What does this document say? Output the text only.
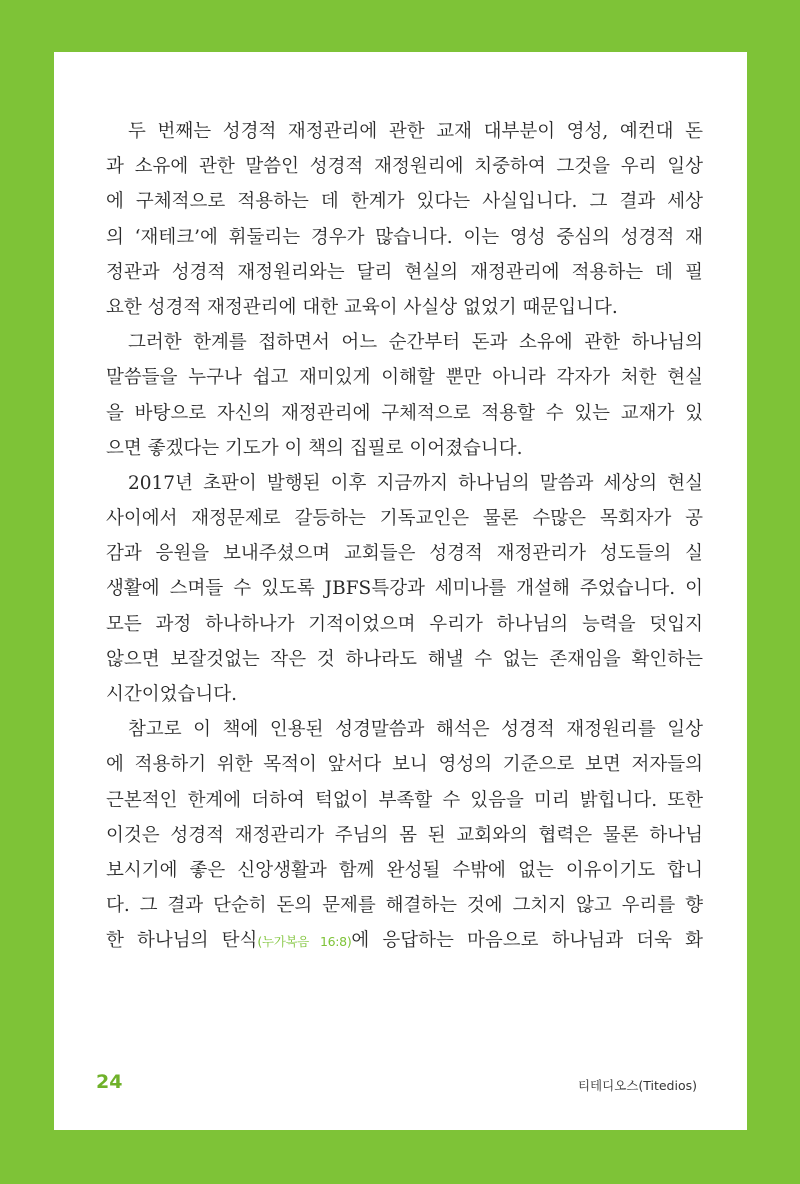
두 번째는 성경적 재정관리에 관한 교재 대부분이 영성, 예컨대 돈
과 소유에 관한 말씀인 성경적 재정원리에 치중하여 그것을 우리 일상
에 구체적으로 적용하는 데 한계가 있다는 사실입니다. 그 결과 세상
의 ‘재테크’에 휘둘리는 경우가 많습니다. 이는 영성 중심의 성경적 재
정관과 성경적 재정원리와는 달리 현실의 재정관리에 적용하는 데 필
요한 성경적 재정관리에 대한 교육이 사실상 없었기 때문입니다.
그러한 한계를 접하면서 어느 순간부터 돈과 소유에 관한 하나님의
말씀들을 누구나 쉽고 재미있게 이해할 뿐만 아니라 각자가 처한 현실
을 바탕으로 자신의 재정관리에 구체적으로 적용할 수 있는 교재가 있
으면 좋겠다는 기도가 이 책의 집필로 이어졌습니다.
2017년 초판이 발행된 이후 지금까지 하나님의 말씀과 세상의 현실
사이에서 재정문제로 갈등하는 기독교인은 물론 수많은 목회자가 공
감과 응원을 보내주셨으며 교회들은 성경적 재정관리가 성도들의 실
생활에 스며들 수 있도록 JBFS특강과 세미나를 개설해 주었습니다. 이
모든 과정 하나하나가 기적이었으며 우리가 하나님의 능력을 덧입지
않으면 보잘것없는 작은 것 하나라도 해낼 수 없는 존재임을 확인하는
시간이었습니다.
참고로 이 책에 인용된 성경말씀과 해석은 성경적 재정원리를 일상
에 적용하기 위한 목적이 앞서다 보니 영성의 기준으로 보면 저자들의
근본적인 한계에 더하여 턱없이 부족할 수 있음을 미리 밝힙니다. 또한
이것은 성경적 재정관리가 주님의 몸 된 교회와의 협력은 물론 하나님
보시기에 좋은 신앙생활과 함께 완성될 수밖에 없는 이유이기도 합니
다. 그 결과 단순히 돈의 문제를 해결하는 것에 그치지 않고 우리를 향
한 하나님의 탄식(누가복음 16:8)에 응답하는 마음으로 하나님과 더욱 화
24	티테디오스(Titedios)
